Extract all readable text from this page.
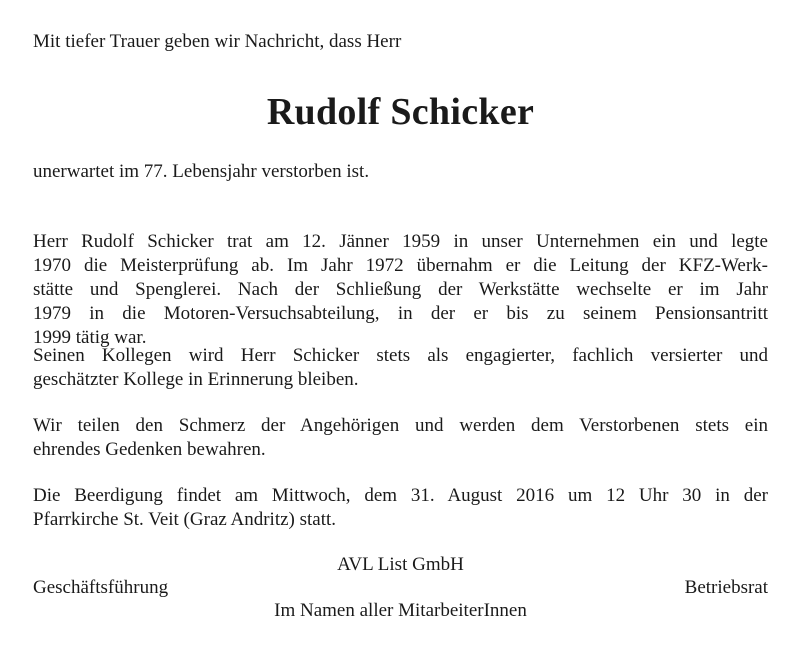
Mit tiefer Trauer geben wir Nachricht, dass Herr
Rudolf Schicker
unerwartet im 77. Lebensjahr verstorben ist.
Herr Rudolf Schicker trat am 12. Jänner 1959 in unser Unternehmen ein und legte
1970 die Meisterprüfung ab. Im Jahr 1972 übernahm er die Leitung der KFZ-Werk-
stätte und Spenglerei. Nach der Schließung der Werkstätte wechselte er im Jahr
1979 in die Motoren-Versuchsabteilung, in der er bis zu seinem Pensionsantritt
1999 tätig war.
Seinen Kollegen wird Herr Schicker stets als engagierter, fachlich versierter und
geschätzter Kollege in Erinnerung bleiben.
Wir teilen den Schmerz der Angehörigen und werden dem Verstorbenen stets ein
ehrendes Gedenken bewahren.
Die Beerdigung findet am Mittwoch, dem 31. August 2016 um 12 Uhr 30 in der
Pfarrkirche St. Veit (Graz Andritz) statt.
AVL List GmbH
Geschäftsführung	Betriebsrat
Im Namen aller MitarbeiterInnen
